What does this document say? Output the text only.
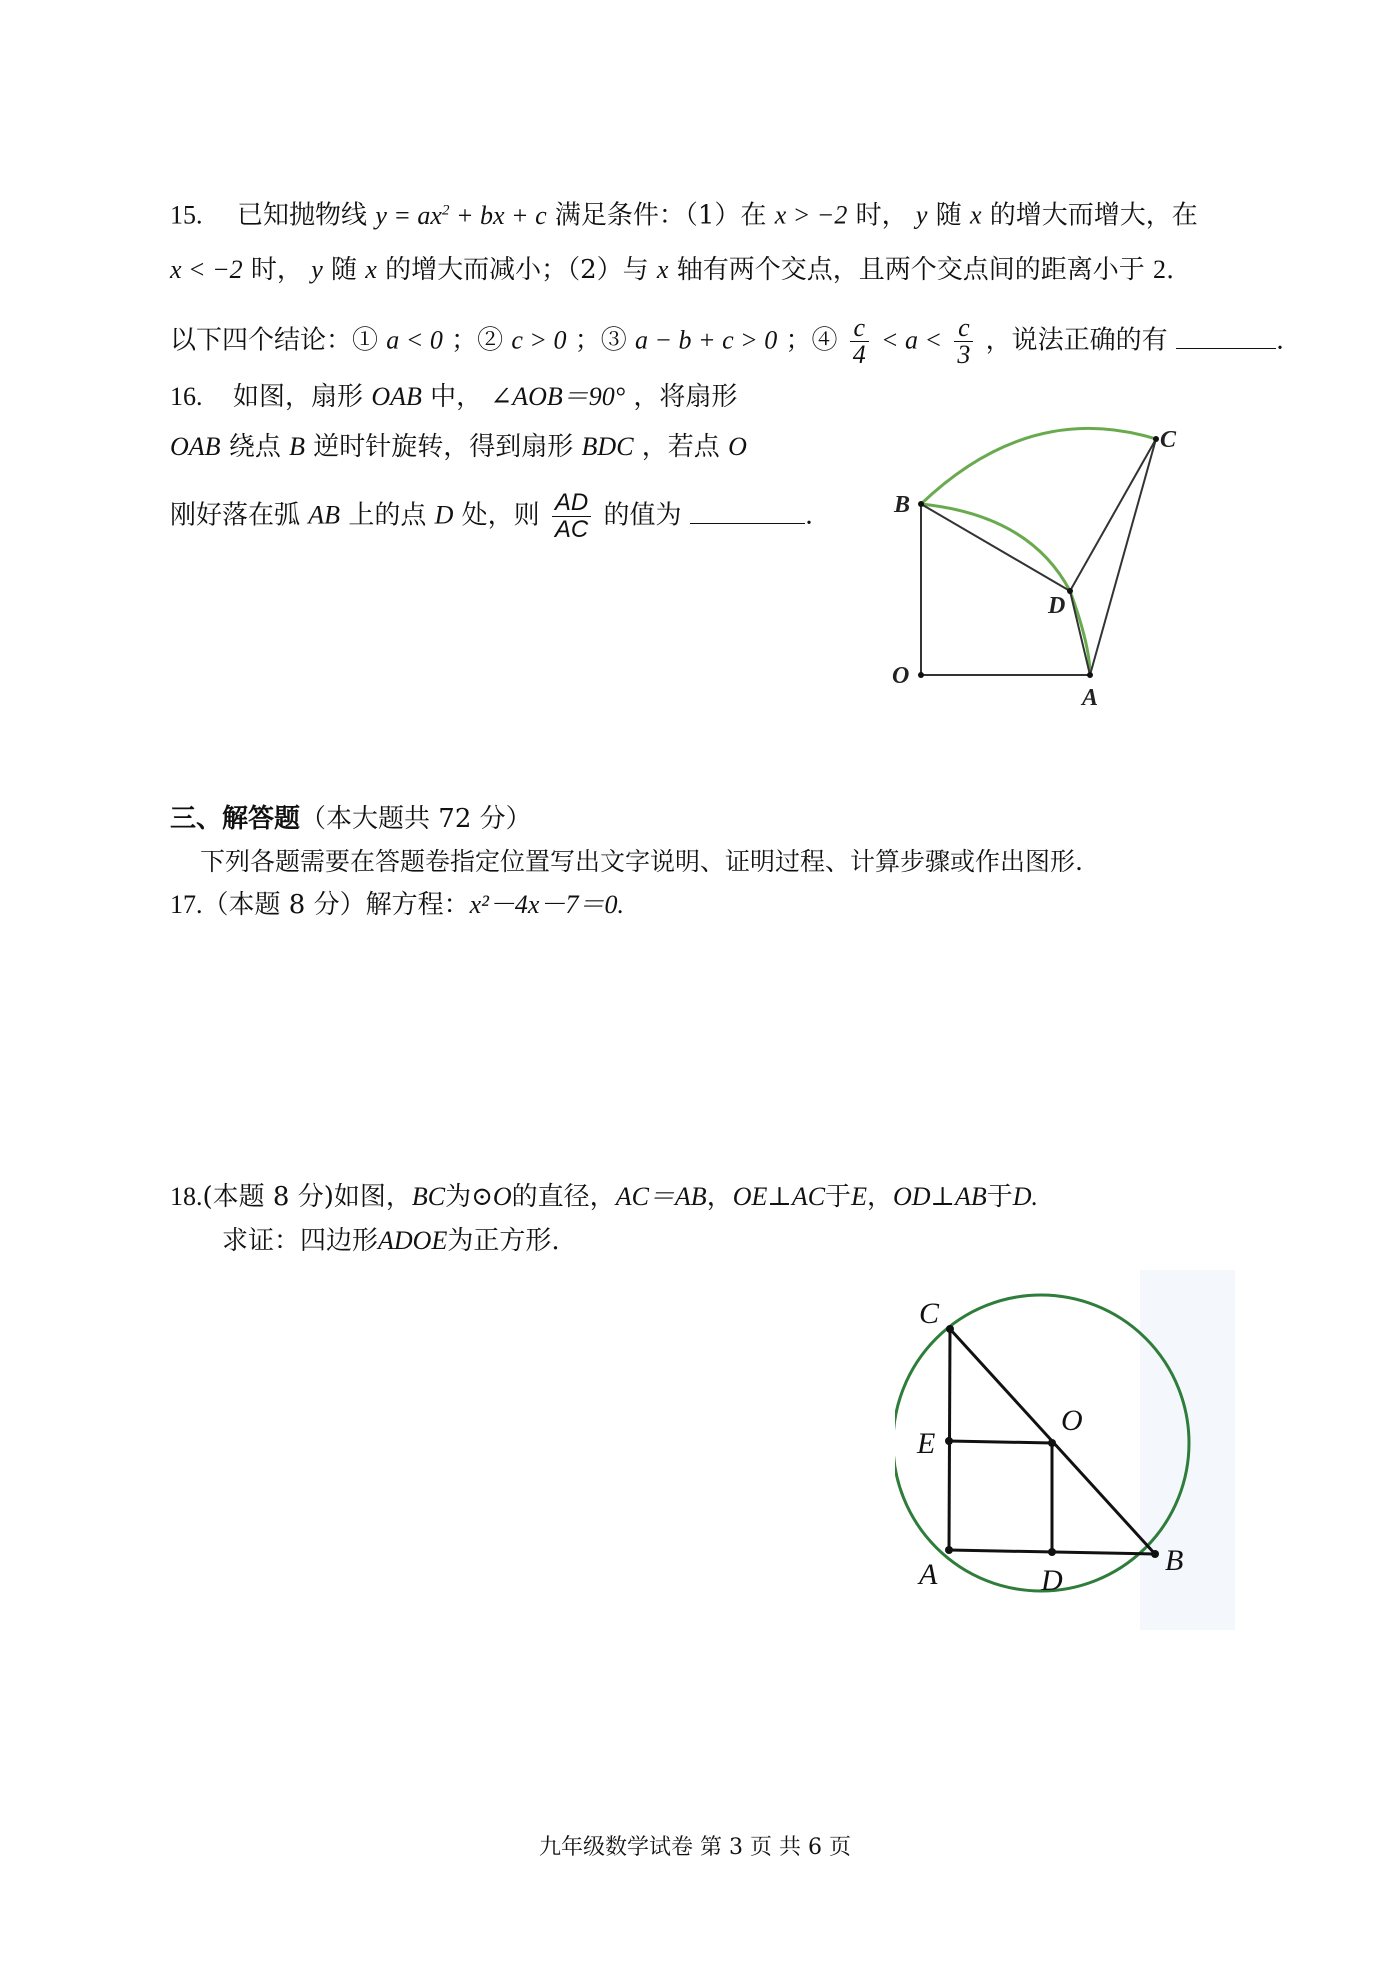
15. 已知抛物线 $y = ax^2$ + bx + c 满足条件：（1）在 x > −2 时， y 随 x 的增大而增大，在
x < −2 时， y 随 x 的增大而减小；（2）与 x 轴有两个交点，且两个交点间的距离小于 2.
以下四个结论：① a < 0 ；② c > 0 ；③ a − b + c > 0 ；④ $\frac{c}{4} < a < \frac{c}{3}$ ，说法正确的有	.
16. 如图，扇形 OAB 中， ∠AOB＝90° ，将扇形
OAB 绕点 B 逆时针旋转，得到扇形 BDC ，若点 O
刚好落在弧 AB 上的点 D 处，则 $\frac{AD}{AC}$ 的值为	.	B
C
D
O
A
三、解答题（本大题共 72 分）
下列各题需要在答题卷指定位置写出文字说明、证明过程、计算步骤或作出图形.
17.（本题 8 分）解方程：x²－4x－7＝0.
18.(本题 8 分)如图，BC为⊙O的直径，AC＝AB，OE⊥AC于E，OD⊥AB于D.
求证：四边形ADOE为正方形.
C
E
O
A	D
B
九年级数学试卷 第 3 页 共 6 页
